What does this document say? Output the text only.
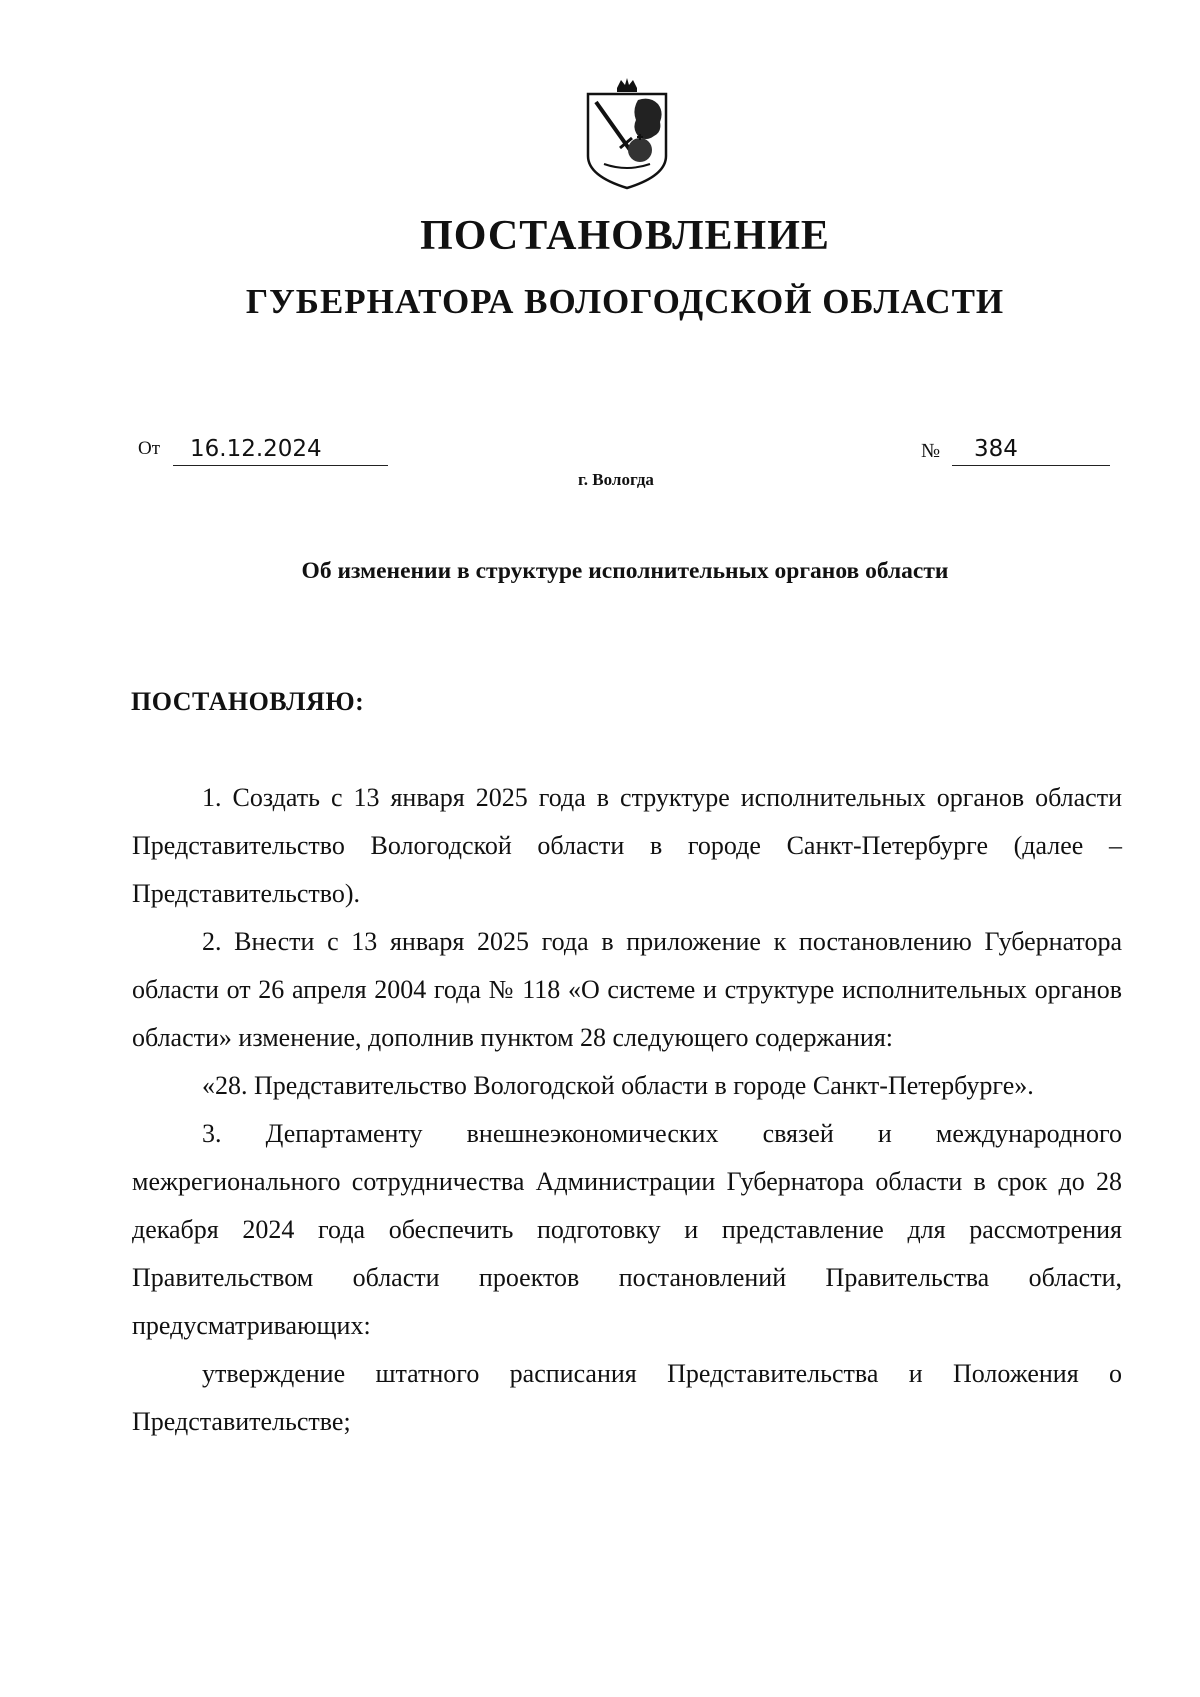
ПОСТАНОВЛЕНИЕ
ГУБЕРНАТОРА ВОЛОГОДСКОЙ ОБЛАСТИ
От	16.12.2024	№	384
г. Вологда
Об изменении в структуре исполнительных органов области
ПОСТАНОВЛЯЮ:

1. Создать с 13 января 2025 года в структуре исполнительных органов области Представительство Вологодской области в городе Санкт-Петербурге (далее – Представительство).

2. Внести с 13 января 2025 года в приложение к постановлению Губернатора области от 26 апреля 2004 года № 118 «О системе и структуре исполнительных органов области» изменение, дополнив пунктом 28 следующего содержания:

«28. Представительство Вологодской области в городе Санкт-Петербурге».

3. Департаменту внешнеэкономических связей и международного межрегионального сотрудничества Администрации Губернатора области в срок до 28 декабря 2024 года обеспечить подготовку и представление для рассмотрения Правительством области проектов постановлений Правительства области, предусматривающих:

утверждение штатного расписания Представительства и Положения о Представительстве;
